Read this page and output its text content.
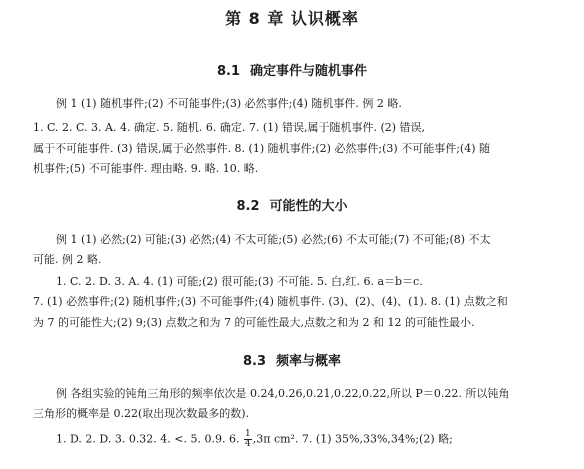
第 8 章 认识概率
8.1 确定事件与随机事件
例 1 (1) 随机事件;(2) 不可能事件;(3) 必然事件;(4) 随机事件. 例 2 略.
1. C. 2. C. 3. A. 4. 确定. 5. 随机. 6. 确定. 7. (1) 错误,属于随机事件. (2) 错误,
属于不可能事件. (3) 错误,属于必然事件. 8. (1) 随机事件;(2) 必然事件;(3) 不可能事件;(4) 随
机事件;(5) 不可能事件. 理由略. 9. 略. 10. 略.
8.2 可能性的大小
例 1 (1) 必然;(2) 可能;(3) 必然;(4) 不太可能;(5) 必然;(6) 不太可能;(7) 不可能;(8) 不太
可能. 例 2 略.
1. C. 2. D. 3. A. 4. (1) 可能;(2) 很可能;(3) 不可能. 5. 白,红. 6. a＝b＝c.
7. (1) 必然事件;(2) 随机事件;(3) 不可能事件;(4) 随机事件. (3)、(2)、(4)、(1). 8. (1) 点数之和
为 7 的可能性大;(2) 9;(3) 点数之和为 7 的可能性最大,点数之和为 2 和 12 的可能性最小.
8.3 频率与概率
例 各组实验的钝角三角形的频率依次是 0.24,0.26,0.21,0.22,0.22,所以 P＝0.22. 所以钝角
三角形的概率是 0.22(取出现次数最多的数).
1. D. 2. D. 3. 0.32. 4. <. 5. 0.9. 6. $\frac{1}{4} ,3\pi$ cm². 7. (1) 35%,33%,34%;(2) 略;
